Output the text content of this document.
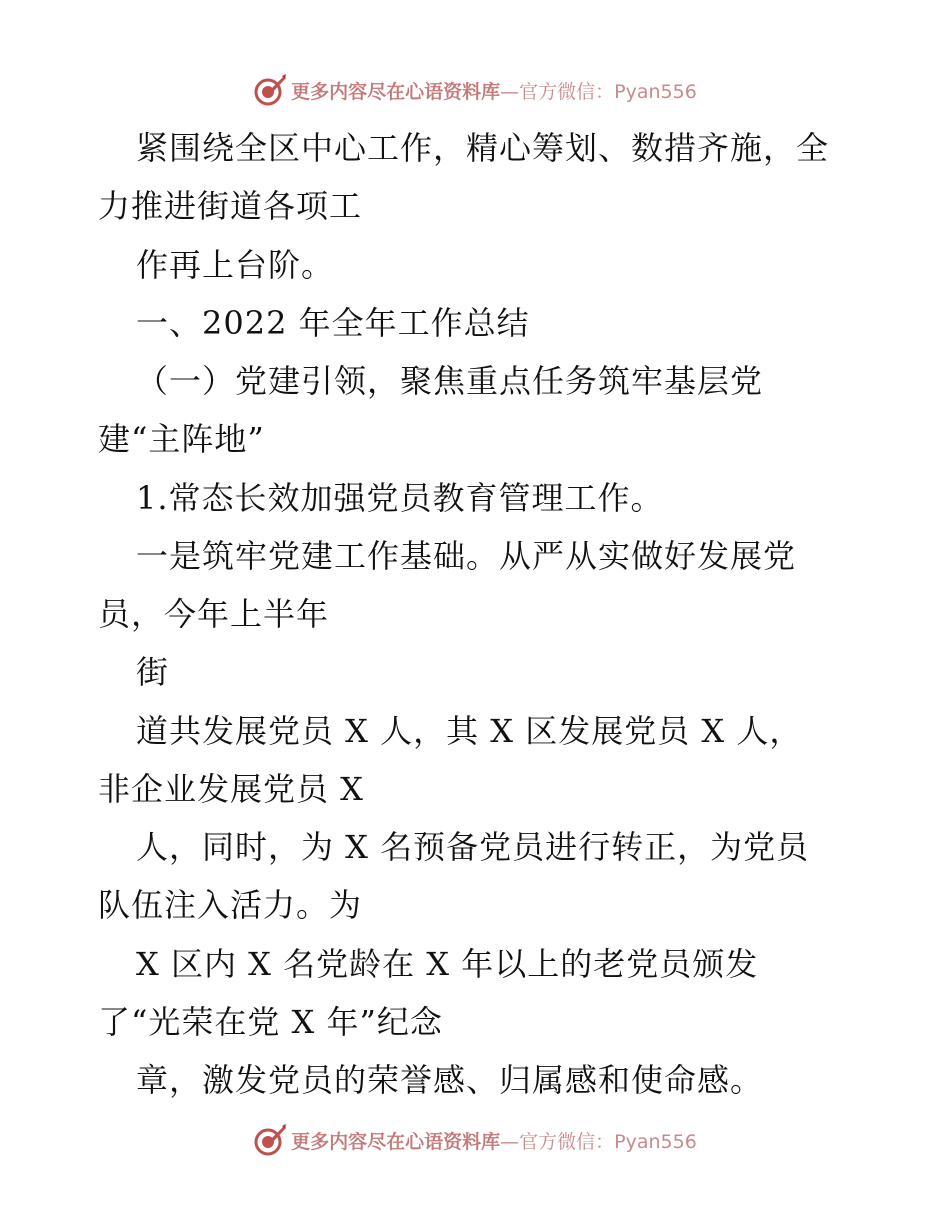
更多内容尽在心语资料库—官方微信：Pyan556
紧围绕全区中心工作，精心筹划、数措齐施，全
力推进街道各项工
作再上台阶。
一、2022 年全年工作总结
（一）党建引领，聚焦重点任务筑牢基层党
建“主阵地”
1.常态长效加强党员教育管理工作。
一是筑牢党建工作基础。从严从实做好发展党
员，今年上半年
街
道共发展党员 X 人，其 X 区发展党员 X 人，
非企业发展党员 X
人，同时，为 X 名预备党员进行转正，为党员
队伍注入活力。为
X 区内 X 名党龄在 X 年以上的老党员颁发
了“光荣在党 X 年”纪念
章，激发党员的荣誉感、归属感和使命感。
更多内容尽在心语资料库—官方微信：Pyan556
